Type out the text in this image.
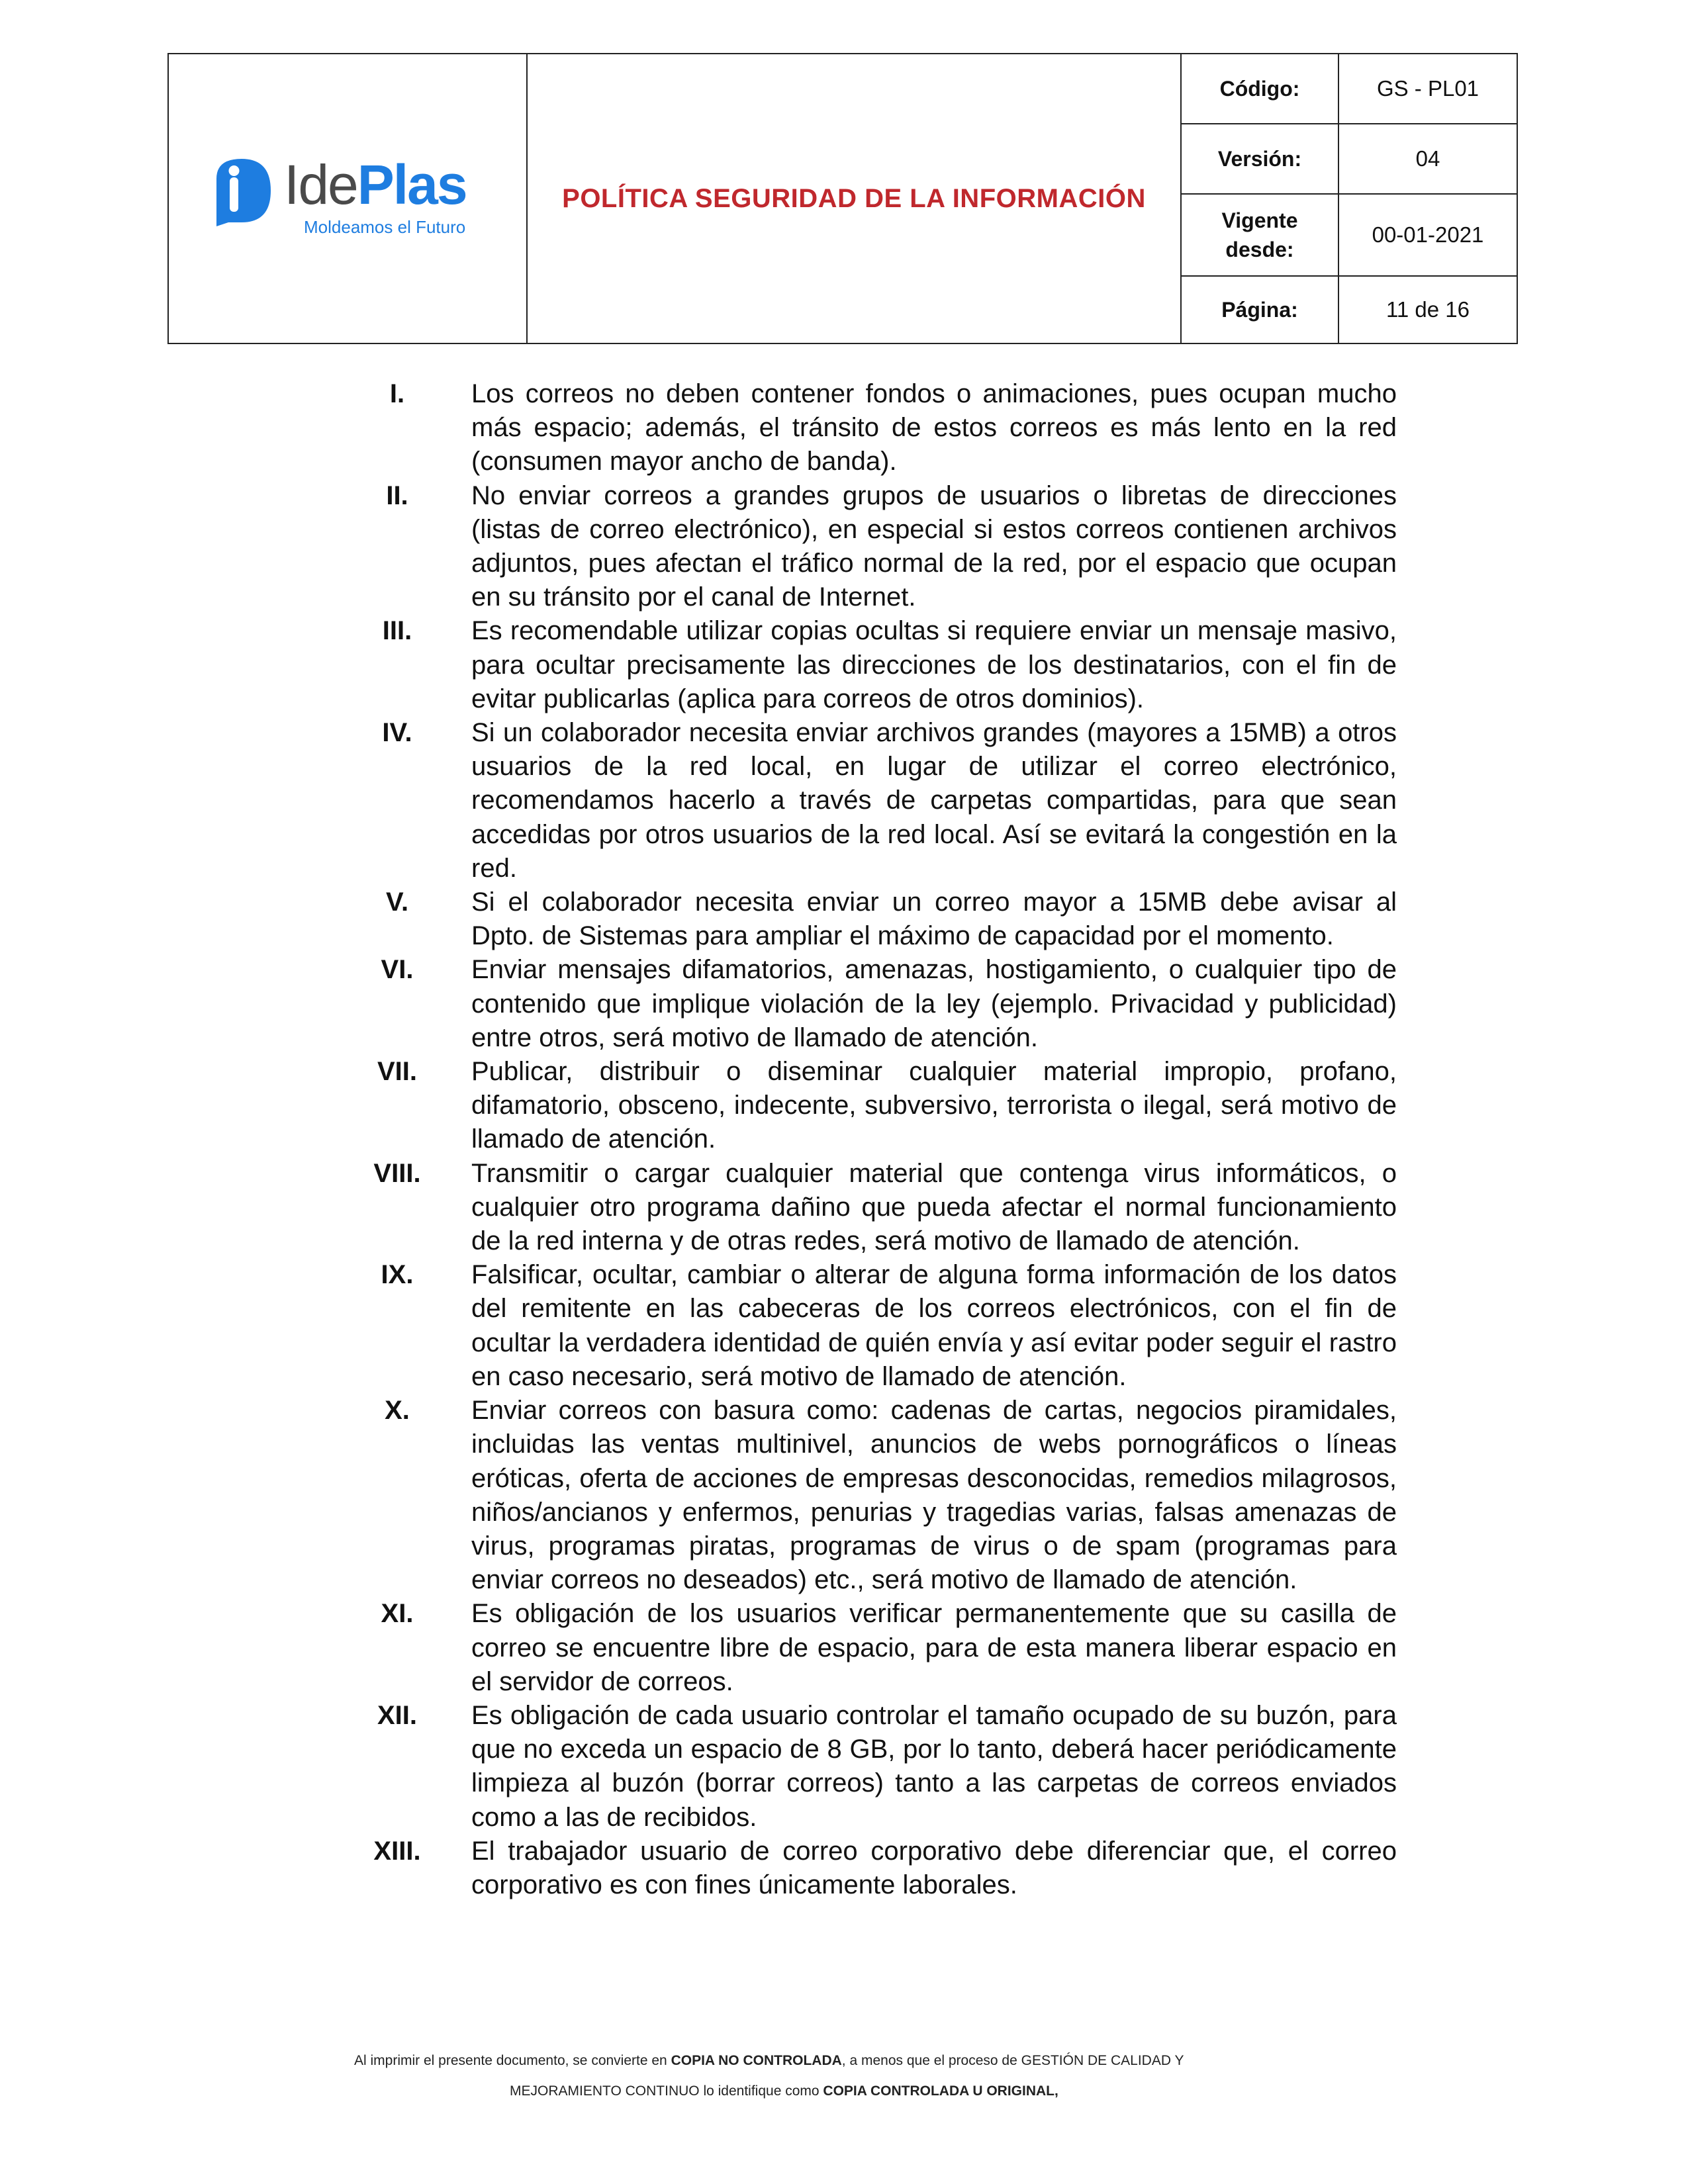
IdePlas
Moldeamos el Futuro
POLÍTICA SEGURIDAD DE LA INFORMACIÓN
Código:	GS - PL01
Versión:	04
Vigente
desde:
00-01-2021
Página:	11 de 16
I.	Los correos no deben contener fondos o animaciones, pues ocupan mucho más espacio; además, el tránsito de estos correos es más lento en la red (consumen mayor ancho de banda).
II.	No enviar correos a grandes grupos de usuarios o libretas de direcciones (listas de correo electrónico), en especial si estos correos contienen archivos adjuntos, pues afectan el tráfico normal de la red, por el espacio que ocupan en su tránsito por el canal de Internet.
III.	Es recomendable utilizar copias ocultas si requiere enviar un mensaje masivo, para ocultar precisamente las direcciones de los destinatarios, con el fin de evitar publicarlas (aplica para correos de otros dominios).
IV.	Si un colaborador necesita enviar archivos grandes (mayores a 15MB) a otros usuarios de la red local, en lugar de utilizar el correo electrónico, recomendamos hacerlo a través de carpetas compartidas, para que sean accedidas por otros usuarios de la red local. Así se evitará la congestión en la red.
V.	Si el colaborador necesita enviar un correo mayor a 15MB debe avisar al Dpto. de Sistemas para ampliar el máximo de capacidad por el momento.
VI.	Enviar mensajes difamatorios, amenazas, hostigamiento, o cualquier tipo de contenido que implique violación de la ley (ejemplo. Privacidad y publicidad) entre otros, será motivo de llamado de atención.
VII.	Publicar, distribuir o diseminar cualquier material impropio, profano, difamatorio, obsceno, indecente, subversivo, terrorista o ilegal, será motivo de llamado de atención.
VIII.	Transmitir o cargar cualquier material que contenga virus informáticos, o cualquier otro programa dañino que pueda afectar el normal funcionamiento de la red interna y de otras redes, será motivo de llamado de atención.
IX.	Falsificar, ocultar, cambiar o alterar de alguna forma información de los datos del remitente en las cabeceras de los correos electrónicos, con el fin de ocultar la verdadera identidad de quién envía y así evitar poder seguir el rastro en caso necesario, será motivo de llamado de atención.
X.	Enviar correos con basura como: cadenas de cartas, negocios piramidales, incluidas las ventas multinivel, anuncios de webs pornográficos o líneas eróticas, oferta de acciones de empresas desconocidas, remedios milagrosos, niños/ancianos y enfermos, penurias y tragedias varias, falsas amenazas de virus, programas piratas, programas de virus o de spam (programas para enviar correos no deseados) etc., será motivo de llamado de atención.
XI.	Es obligación de los usuarios verificar permanentemente que su casilla de correo se encuentre libre de espacio, para de esta manera liberar espacio en el servidor de correos.
XII.	Es obligación de cada usuario controlar el tamaño ocupado de su buzón, para que no exceda un espacio de 8 GB, por lo tanto, deberá hacer periódicamente limpieza al buzón (borrar correos) tanto a las carpetas de correos enviados como a las de recibidos.
XIII.	El trabajador usuario de correo corporativo debe diferenciar que, el correo corporativo es con fines únicamente laborales.
Al imprimir el presente documento, se convierte en COPIA NO CONTROLADA, a menos que el proceso de GESTIÓN DE CALIDAD Y
MEJORAMIENTO CONTINUO lo identifique como COPIA CONTROLADA U ORIGINAL,
